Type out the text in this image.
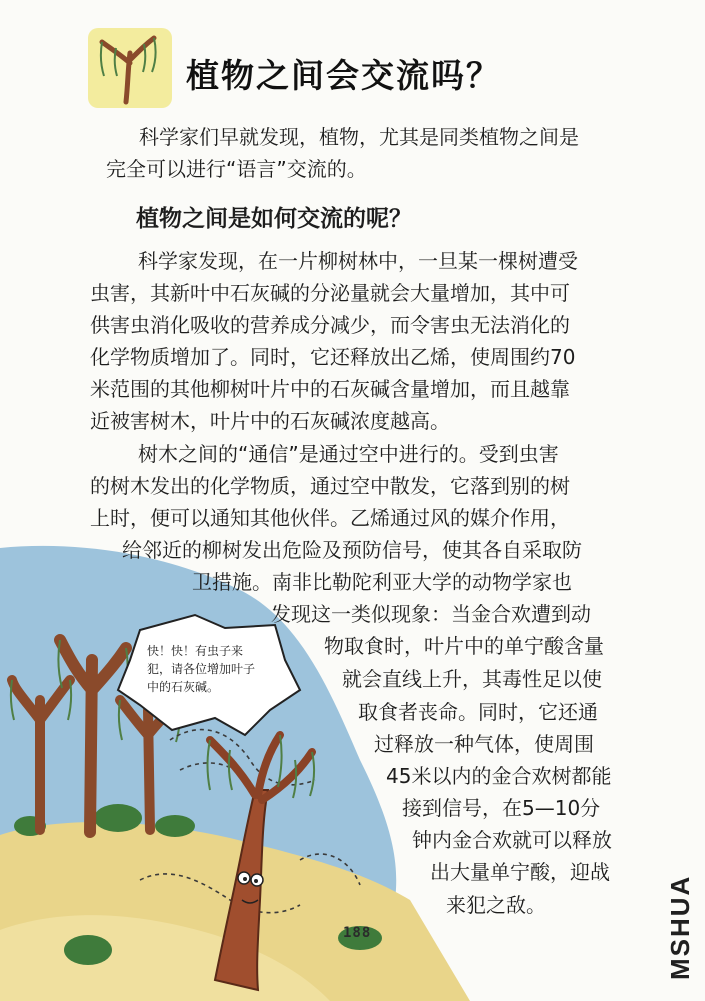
植物之间会交流吗？
科学家们早就发现，植物，尤其是同类植物之间是
完全可以进行“语言”交流的。
植物之间是如何交流的呢？
科学家发现，在一片柳树林中，一旦某一棵树遭受
虫害，其新叶中石灰碱的分泌量就会大量增加，其中可
供害虫消化吸收的营养成分减少，而令害虫无法消化的
化学物质增加了。同时，它还释放出乙烯，使周围约70
米范围的其他柳树叶片中的石灰碱含量增加，而且越靠
近被害树木，叶片中的石灰碱浓度越高。
树木之间的“通信”是通过空中进行的。受到虫害
的树木发出的化学物质，通过空中散发，它落到别的树
上时，便可以通知其他伙伴。乙烯通过风的媒介作用，
给邻近的柳树发出危险及预防信号，使其各自采取防
卫措施。南非比勒陀利亚大学的动物学家也
发现这一类似现象：当金合欢遭到动
物取食时，叶片中的单宁酸含量
就会直线上升，其毒性足以使
取食者丧命。同时，它还通
过释放一种气体，使周围
45米以内的金合欢树都能
接到信号，在5—10分
钟内金合欢就可以释放
出大量单宁酸，迎战
来犯之敌。
快！快！有虫子来犯，请各位增加叶子中的石灰碱。
188	MSHUA
